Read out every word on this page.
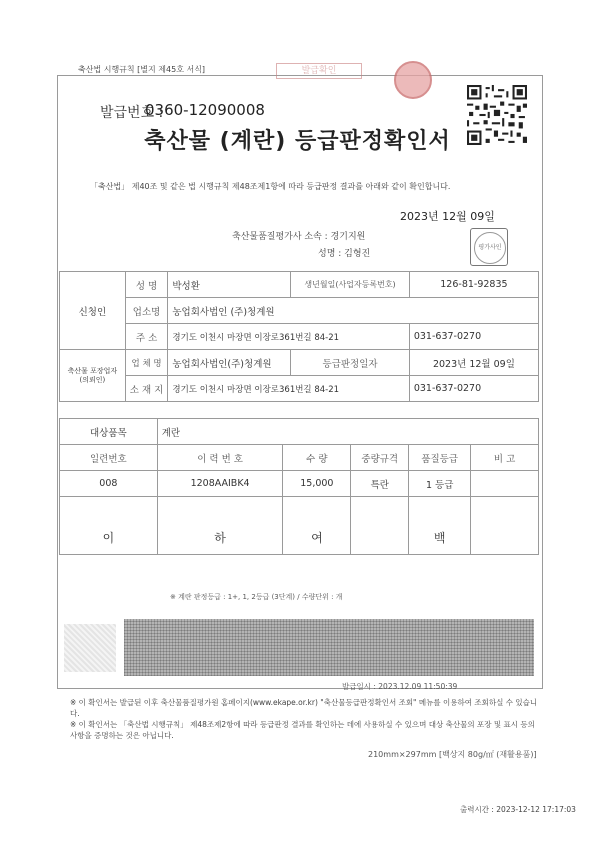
축산법 시행규칙 [별지 제45호 서식]	발급확인
발급번호 :
0360-12090008
축산물 (계란) 등급판정확인서
「축산법」 제40조 및 같은 법 시행규칙 제48조제1항에 따라 등급판정 결과를 아래와 같이 확인합니다.
2023년 12월 09일
축산물품질평가사 소속 : 경기지원
성명 : 김형진
평가사인
신청인	성 명	박성환	생년월일(사업자등록번호)	126-81-92835
	업소명	농업회사법인 (주)청계원		
	주 소	경기도 이천시 마장면 이장로361번길 84-21		031-637-0270
축산물 포장업자 (의뢰인)	업 체 명	농업회사법인(주)청계원	등급판정일자	2023년 12월 09일
	소 재 지	경기도 이천시 마장면 이장로361번길 84-21		031-637-0270
대상품목	계란				
일련번호	이 력 번 호	수 량	중량규격	품질등급	비 고
008	1208AAIBK4	15,000	특란	1 등급	
이	하	여		백	
※ 계란 판정등급 : 1+, 1, 2등급 (3단계) / 수량단위 : 개
발급일시 : 2023.12.09 11:50:39
※ 이 확인서는 발급된 이후 축산물품질평가원 홈페이지(www.ekape.or.kr) "축산물등급판정확인서 조회" 메뉴를 이용하여 조회하실 수 있습니다.
※ 이 확인서는 「축산법 시행규칙」 제48조제2항에 따라 등급판정 결과를 확인하는 데에 사용하실 수 있으며 대상 축산물의 포장 및 표시 등의 사항을 증명하는 것은 아닙니다.
210mm×297mm [백상지 80g/㎡ (재활용품)]
출력시간 : 2023-12-12 17:17:03
